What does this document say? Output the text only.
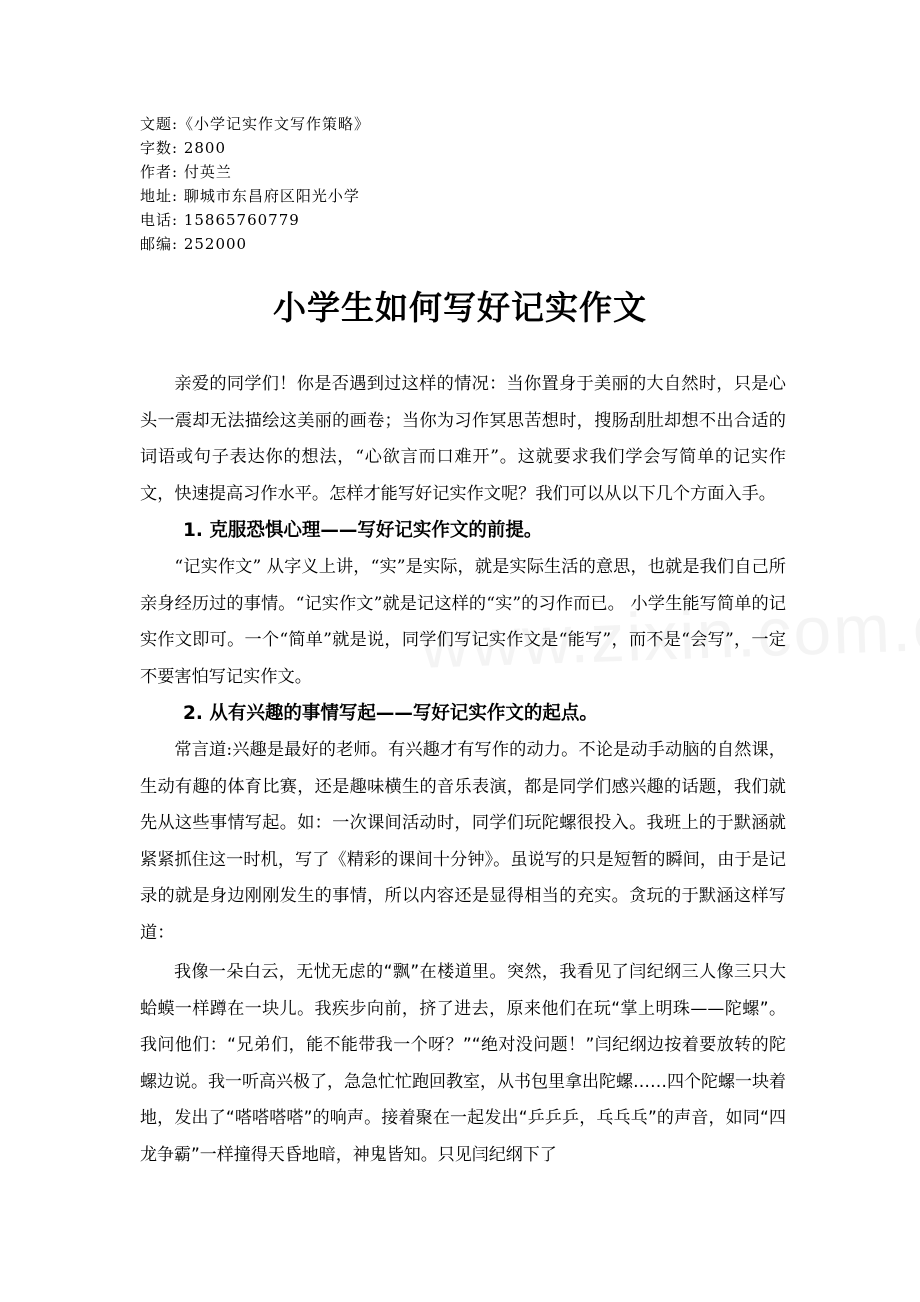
文题:《小学记实作文写作策略》
字数: 2800
作者: 付英兰
地址: 聊城市东昌府区阳光小学
电话: 15865760779
邮编: 252000
小学生如何写好记实作文

亲爱的同学们！你是否遇到过这样的情况：当你置身于美丽的大自然时，只是心头一震却无法描绘这美丽的画卷；当你为习作冥思苦想时，搜肠刮肚却想不出合适的词语或句子表达你的想法，“心欲言而口难开”。这就要求我们学会写简单的记实作文，快速提高习作水平。怎样才能写好记实作文呢？我们可以从以下几个方面入手。

1. 克服恐惧心理——写好记实作文的前提。

“记实作文” 从字义上讲，“实”是实际，就是实际生活的意思，也就是我们自己所亲身经历过的事情。“记实作文”就是记这样的“实”的习作而已。 小学生能写简单的记实作文即可。一个“简单”就是说，同学们写记实作文是“能写”，而不是“会写”，一定不要害怕写记实作文。

2. 从有兴趣的事情写起——写好记实作文的起点。

常言道:兴趣是最好的老师。有兴趣才有写作的动力。不论是动手动脑的自然课，生动有趣的体育比赛，还是趣味横生的音乐表演，都是同学们感兴趣的话题，我们就先从这些事情写起。如：一次课间活动时，同学们玩陀螺很投入。我班上的于默涵就紧紧抓住这一时机，写了《精彩的课间十分钟》。虽说写的只是短暂的瞬间，由于是记录的就是身边刚刚发生的事情，所以内容还是显得相当的充实。贪玩的于默涵这样写道：

我像一朵白云，无忧无虑的“飘”在楼道里。突然，我看见了闫纪纲三人像三只大蛤蟆一样蹲在一块儿。我疾步向前，挤了进去，原来他们在玩“掌上明珠——陀螺”。我问他们：“兄弟们，能不能带我一个呀？”“绝对没问题！”闫纪纲边按着要放转的陀螺边说。我一听高兴极了，急急忙忙跑回教室，从书包里拿出陀螺……四个陀螺一块着地，发出了“嗒嗒嗒嗒”的响声。接着聚在一起发出“乒乒乒，乓乓乓”的声音，如同“四龙争霸”一样撞得天昏地暗，神鬼皆知。只见闫纪纲下了
